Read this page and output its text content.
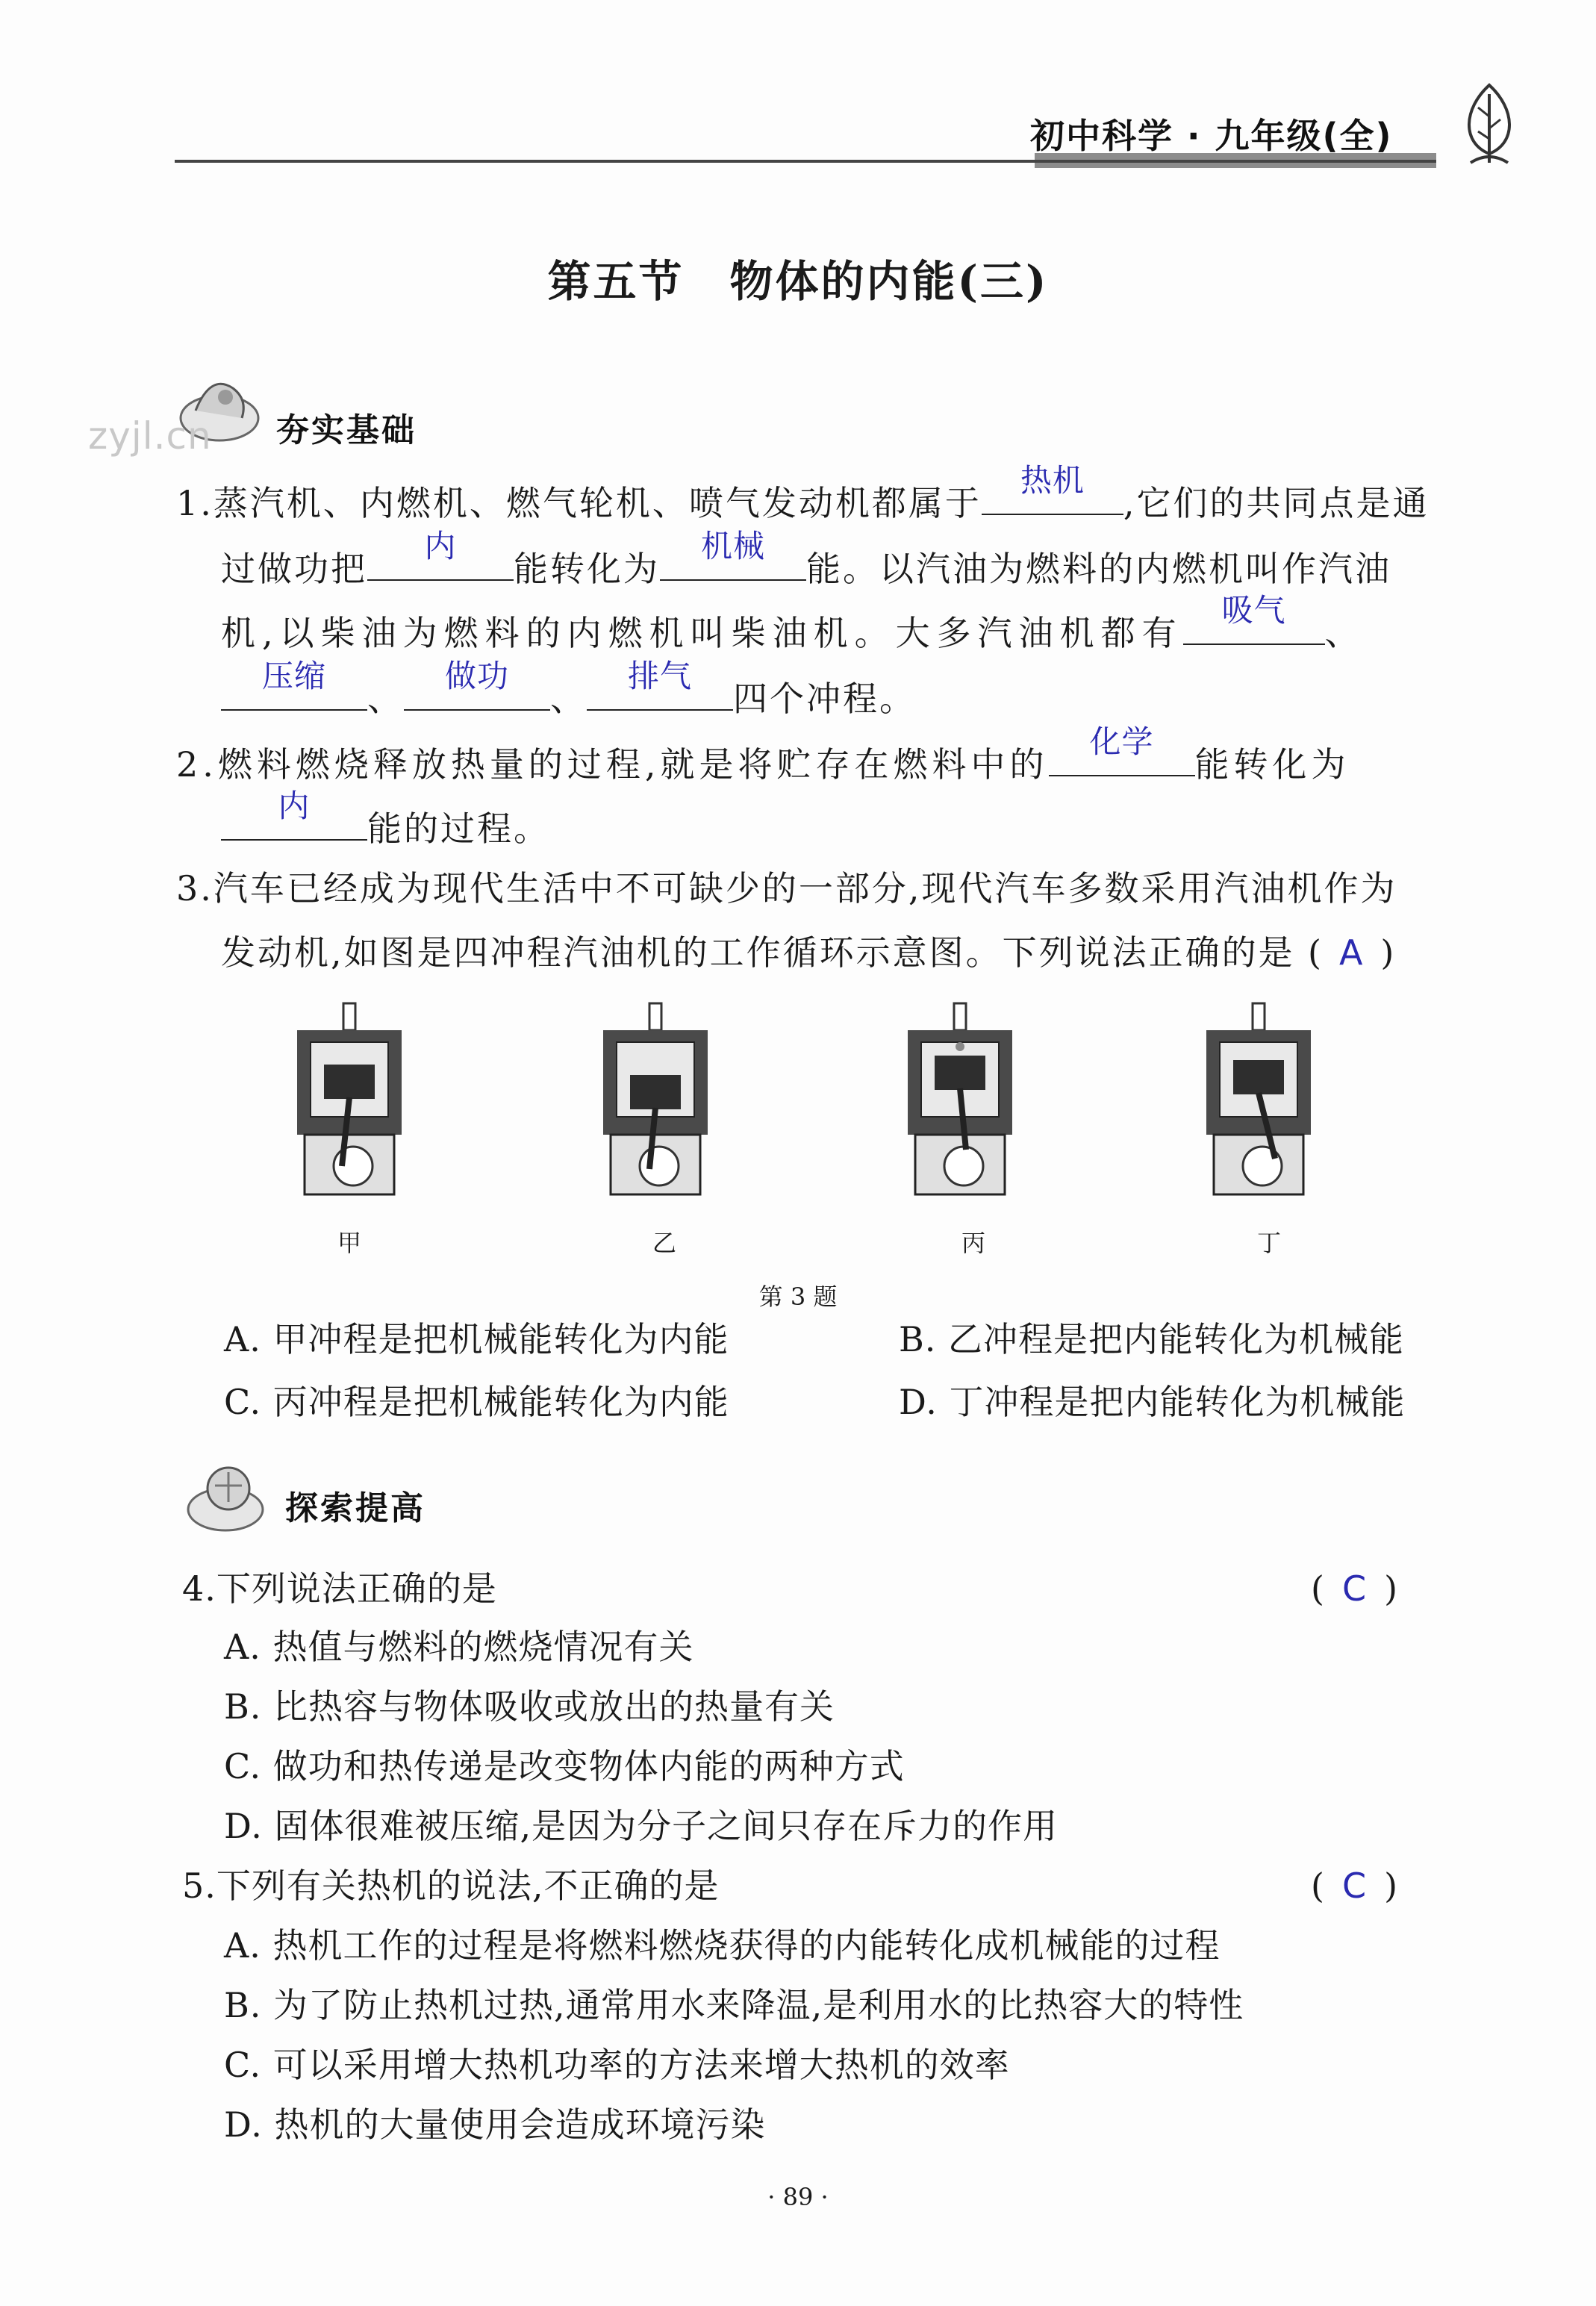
初中科学 · 九年级(全)
第五节　物体的内能(三)
夯实基础
zyjl.cn
1.蒸汽机、内燃机、燃气轮机、喷气发动机都属于
热机
,它们的共同点是通
过做功把
内
能转化为
机械
能。以汽油为燃料的内燃机叫作汽油
机,以柴油为燃料的内燃机叫柴油机。大多汽油机都有
吸气
、
压缩
、
做功
、
排气
四个冲程。
2.燃料燃烧释放热量的过程,就是将贮存在燃料中的
化学
能转化为
内
能的过程。
3.汽车已经成为现代生活中不可缺少的一部分,现代汽车多数采用汽油机作为
发动机,如图是四冲程汽油机的工作循环示意图。下列说法正确的是 ( A )
甲	乙	丙	丁
第 3 题
A. 甲冲程是把机械能转化为内能	B. 乙冲程是把内能转化为机械能
C. 丙冲程是把机械能转化为内能	D. 丁冲程是把内能转化为机械能
探索提高
4.下列说法正确的是	( C )
A. 热值与燃料的燃烧情况有关
B. 比热容与物体吸收或放出的热量有关
C. 做功和热传递是改变物体内能的两种方式
D. 固体很难被压缩,是因为分子之间只存在斥力的作用
5.下列有关热机的说法,不正确的是	( C )
A. 热机工作的过程是将燃料燃烧获得的内能转化成机械能的过程
B. 为了防止热机过热,通常用水来降温,是利用水的比热容大的特性
C. 可以采用增大热机功率的方法来增大热机的效率
D. 热机的大量使用会造成环境污染
· 89 ·
